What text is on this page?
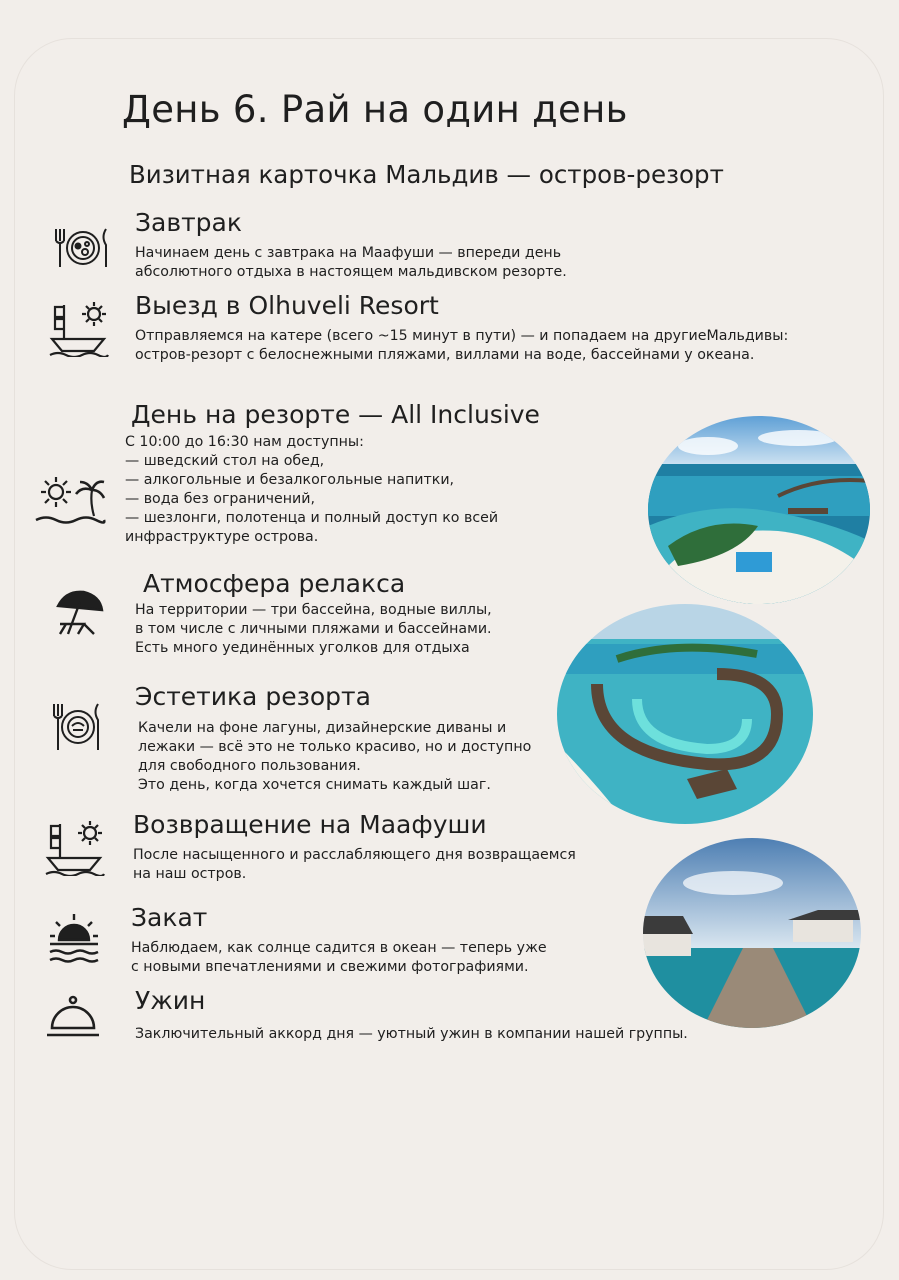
День 6. Рай на один день
Визитная карточка Мальдив — остров-резорт
Завтрак
Начинаем день с завтрака на Маафуши — впереди день
абсолютного отдыха в настоящем мальдивском резорте.
Выезд в Olhuveli Resort
Отправляемся на катере (всего ~15 минут в пути) — и попадаем на другиеМальдивы:
остров-резорт с белоснежными пляжами, виллами на воде, бассейнами у океана.
День на резорте — All Inclusive
С 10:00 до 16:30 нам доступны:
— шведский стол на обед,
— алкогольные и безалкогольные напитки,
— вода без ограничений,
— шезлонги, полотенца и полный доступ ко всей
инфраструктуре острова.
Атмосфера релакса
На территории — три бассейна, водные виллы,
в том числе с личными пляжами и бассейнами.
Есть много уединённых уголков для отдыха
Эстетика резорта
Качели на фоне лагуны, дизайнерские диваны и
лежаки — всё это не только красиво, но и доступно
для свободного пользования.
Это день, когда хочется снимать каждый шаг.
Возвращение на Маафуши
После насыщенного и расслабляющего дня возвращаемся
на наш остров.
Закат
Наблюдаем, как солнце садится в океан — теперь уже
с новыми впечатлениями и свежими фотографиями.
Ужин
Заключительный аккорд дня — уютный ужин в компании нашей группы.
